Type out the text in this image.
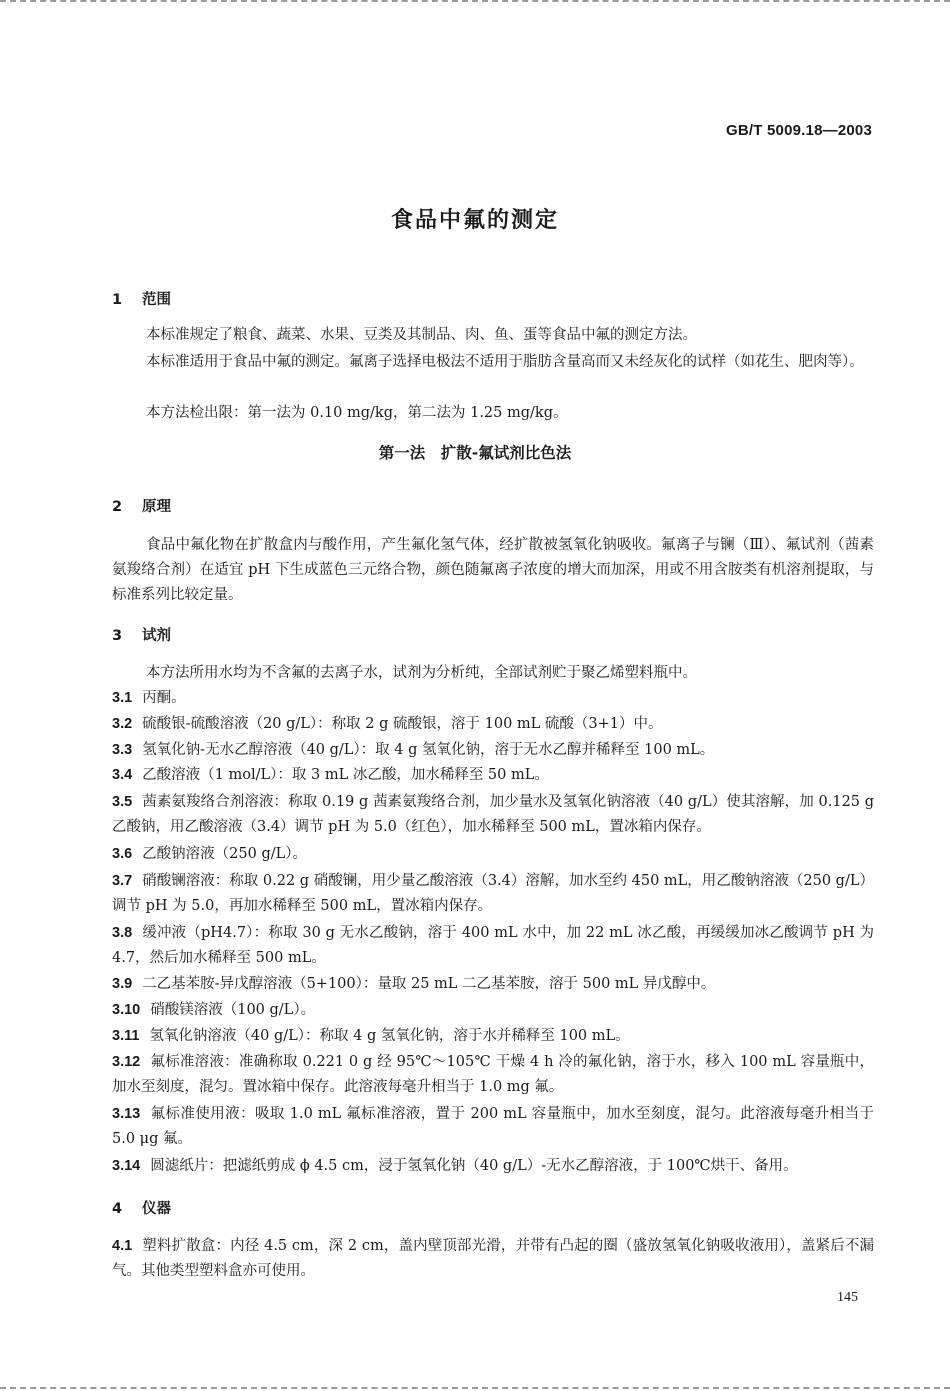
GB/T 5009.18—2003
食品中氟的测定
1 范围
本标准规定了粮食、蔬菜、水果、豆类及其制品、肉、鱼、蛋等食品中氟的测定方法。
本标准适用于食品中氟的测定。氟离子选择电极法不适用于脂肪含量高而又未经灰化的试样（如花生、肥肉等）。
本方法检出限：第一法为 0.10 mg/kg，第二法为 1.25 mg/kg。
第一法　扩散-氟试剂比色法
2 原理
食品中氟化物在扩散盒内与酸作用，产生氟化氢气体，经扩散被氢氧化钠吸收。氟离子与镧（Ⅲ）、氟试剂（茜素氨羧络合剂）在适宜 pH 下生成蓝色三元络合物，颜色随氟离子浓度的增大而加深，用或不用含胺类有机溶剂提取，与标准系列比较定量。
3 试剂
本方法所用水均为不含氟的去离子水，试剂为分析纯，全部试剂贮于聚乙烯塑料瓶中。
3.1 丙酮。
3.2 硫酸银-硫酸溶液（20 g/L）：称取 2 g 硫酸银，溶于 100 mL 硫酸（3+1）中。
3.3 氢氧化钠-无水乙醇溶液（40 g/L）：取 4 g 氢氧化钠，溶于无水乙醇并稀释至 100 mL。
3.4 乙酸溶液（1 mol/L）：取 3 mL 冰乙酸，加水稀释至 50 mL。
3.5 茜素氨羧络合剂溶液：称取 0.19 g 茜素氨羧络合剂，加少量水及氢氧化钠溶液（40 g/L）使其溶解，加 0.125 g 乙酸钠，用乙酸溶液（3.4）调节 pH 为 5.0（红色），加水稀释至 500 mL，置冰箱内保存。
3.6 乙酸钠溶液（250 g/L）。
3.7 硝酸镧溶液：称取 0.22 g 硝酸镧，用少量乙酸溶液（3.4）溶解，加水至约 450 mL，用乙酸钠溶液（250 g/L）调节 pH 为 5.0，再加水稀释至 500 mL，置冰箱内保存。
3.8 缓冲液（pH4.7）：称取 30 g 无水乙酸钠，溶于 400 mL 水中，加 22 mL 冰乙酸，再缓缓加冰乙酸调节 pH 为 4.7，然后加水稀释至 500 mL。
3.9 二乙基苯胺-异戊醇溶液（5+100）：量取 25 mL 二乙基苯胺，溶于 500 mL 异戊醇中。
3.10 硝酸镁溶液（100 g/L）。
3.11 氢氧化钠溶液（40 g/L）：称取 4 g 氢氧化钠，溶于水并稀释至 100 mL。
3.12 氟标准溶液：准确称取 0.221 0 g 经 95℃～105℃ 干燥 4 h 冷的氟化钠，溶于水，移入 100 mL 容量瓶中，加水至刻度，混匀。置冰箱中保存。此溶液每毫升相当于 1.0 mg 氟。
3.13 氟标准使用液：吸取 1.0 mL 氟标准溶液，置于 200 mL 容量瓶中，加水至刻度，混匀。此溶液每毫升相当于 5.0 μg 氟。
3.14 圆滤纸片：把滤纸剪成 ϕ 4.5 cm，浸于氢氧化钠（40 g/L）-无水乙醇溶液，于 100℃烘干、备用。
4 仪器
4.1 塑料扩散盒：内径 4.5 cm，深 2 cm，盖内壁顶部光滑，并带有凸起的圈（盛放氢氧化钠吸收液用），盖紧后不漏气。其他类型塑料盒亦可使用。
145
